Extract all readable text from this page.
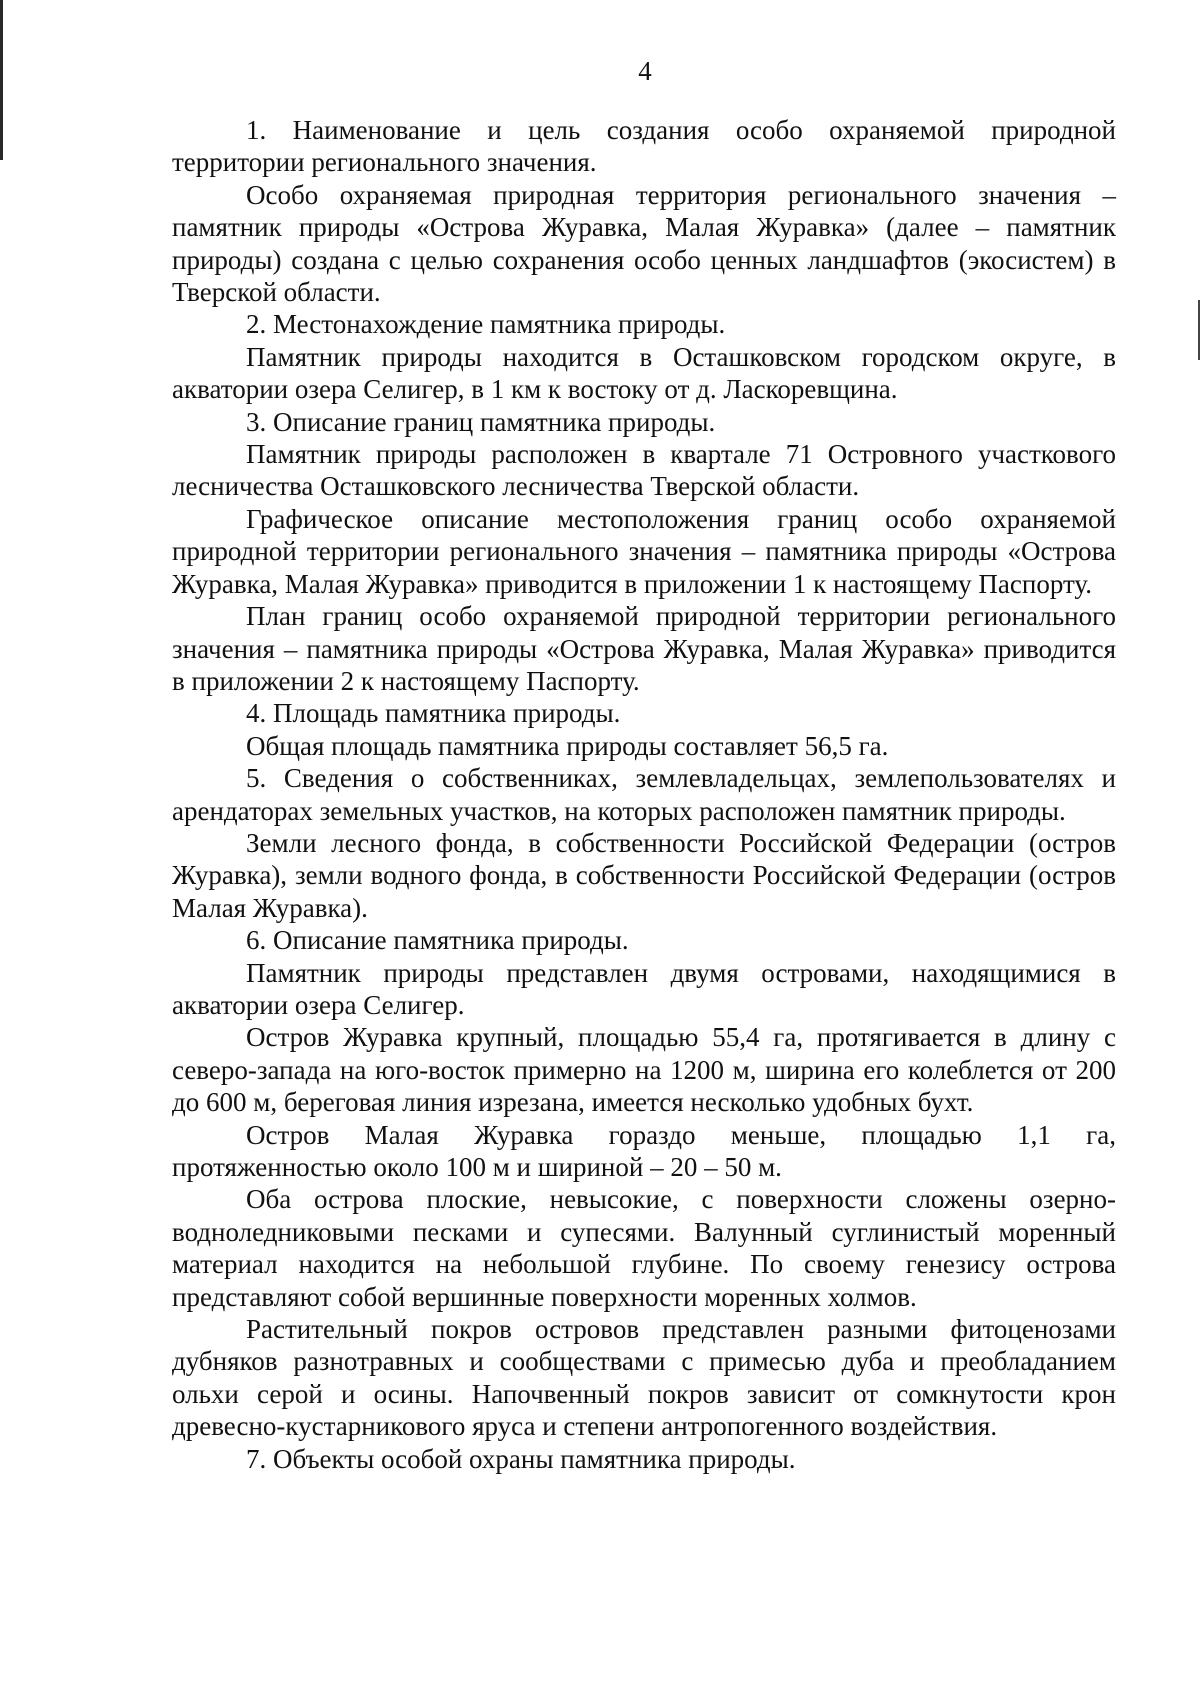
4

1. Наименование и цель создания особо охраняемой природной территории регионального значения.

Особо охраняемая природная территория регионального значения – памятник природы «Острова Журавка, Малая Журавка» (далее – памятник природы) создана с целью сохранения особо ценных ландшафтов (экосистем) в Тверской области.

2. Местонахождение памятника природы.

Памятник природы находится в Осташковском городском округе, в акватории озера Селигер, в 1 км к востоку от д. Ласкоревщина.

3. Описание границ памятника природы.

Памятник природы расположен в квартале 71 Островного участкового лесничества Осташковского лесничества Тверской области.

Графическое описание местоположения границ особо охраняемой природной территории регионального значения – памятника природы «Острова Журавка, Малая Журавка» приводится в приложении 1 к настоящему Паспорту.

План границ особо охраняемой природной территории регионального значения – памятника природы «Острова Журавка, Малая Журавка» приводится в приложении 2 к настоящему Паспорту.

4. Площадь памятника природы.

Общая площадь памятника природы составляет 56,5 га.

5. Сведения о собственниках, землевладельцах, землепользователях и арендаторах земельных участков, на которых расположен памятник природы.

Земли лесного фонда, в собственности Российской Федерации (остров Журавка), земли водного фонда, в собственности Российской Федерации (остров Малая Журавка).

6. Описание памятника природы.

Памятник природы представлен двумя островами, находящимися в акватории озера Селигер.

Остров Журавка крупный, площадью 55,4 га, протягивается в длину с северо-запада на юго-восток примерно на 1200 м, ширина его колеблется от 200 до 600 м, береговая линия изрезана, имеется несколько удобных бухт.

Остров Малая Журавка гораздо меньше, площадью 1,1 га, протяженностью около 100 м и шириной – 20 – 50 м.

Оба острова плоские, невысокие, с поверхности сложены озерно-водноледниковыми песками и супесями. Валунный суглинистый моренный материал находится на небольшой глубине. По своему генезису острова представляют собой вершинные поверхности моренных холмов.

Растительный покров островов представлен разными фитоценозами дубняков разнотравных и сообществами с примесью дуба и преобладанием ольхи серой и осины. Напочвенный покров зависит от сомкнутости крон древесно-кустарникового яруса и степени антропогенного воздействия.

7. Объекты особой охраны памятника природы.
